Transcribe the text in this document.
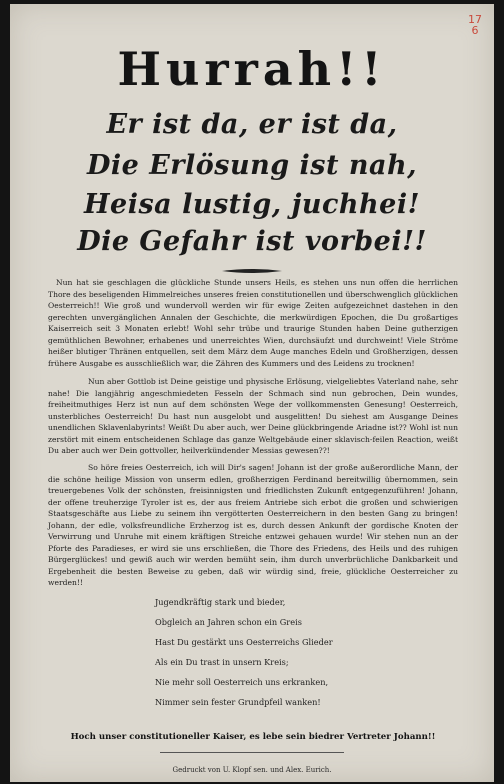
17
6
Hurrah!!
Er ist da, er ist da,
Die Erlösung ist nah,
Heisa lustig, juchhei!
Die Gefahr ist vorbei!!

Nun hat sie geschlagen die glückliche Stunde unsers Heils, es stehen uns nun offen die herrlichen Thore des beseligenden Himmelreiches unseres freien constitutionellen und überschwenglich glücklichen Oesterreich!! Wie groß und wundervoll werden wir für ewige Zeiten aufgezeichnet dastehen in den gerechten unvergänglichen Annalen der Geschichte, die merkwürdigen Epochen, die Du großartiges Kaiserreich seit 3 Monaten erlebt! Wohl sehr trübe und traurige Stunden haben Deine gutherzigen gemüthlichen Bewohner, erhabenes und unerreichtes Wien, durchsäufzt und durchweint! Viele Ströme heißer blutiger Thränen entquellen, seit dem März dem Auge manches Edeln und Großherzigen, dessen frühere Ausgabe es ausschließlich war, die Zähren des Kummers und des Leidens zu trocknen!

Nun aber Gottlob ist Deine geistige und physische Erlösung, vielgeliebtes Vaterland nahe, sehr nahe! Die langjährig angeschmiedeten Fesseln der Schmach sind nun gebrochen, Dein wundes, freiheitmuthiges Herz ist nun auf dem schönsten Wege der vollkommensten Genesung! Oesterreich, unsterbliches Oesterreich! Du hast nun ausgelobt und ausgelitten! Du siehest am Ausgange Deines unendlichen Sklavenlabyrints! Weißt Du aber auch, wer Deine glückbringende Ariadne ist?? Wohl ist nun zerstört mit einem entscheidenen Schlage das ganze Weltgebäude einer sklavisch-feilen Reaction, weißt Du aber auch wer Dein gottvoller, heilverkündender Messias gewesen??!

So höre freies Oesterreich, ich will Dir's sagen! Johann ist der große außerordliche Mann, der die schöne heilige Mission von unserm edlen, großherzigen Ferdinand bereitwillig übernommen, sein treuergebenes Volk der schönsten, freisinnigsten und friedlichsten Zukunft entgegenzuführen! Johann, der offene treuherzige Tyroler ist es, der aus freiem Antriebe sich erbot die großen und schwierigen Staatsgeschäfte aus Liebe zu seinem ihn vergötterten Oesterreichern in den besten Gang zu bringen! Johann, der edle, volksfreundliche Erzherzog ist es, durch dessen Ankunft der gordische Knoten der Verwirrung und Unruhe mit einem kräftigen Streiche entzwei gehauen wurde! Wir stehen nun an der Pforte des Paradieses, er wird sie uns erschließen, die Thore des Friedens, des Heils und des ruhigen Bürgerglückes! und gewiß auch wir werden bemüht sein, ihm durch unverbrüchliche Dankbarkeit und Ergebenheit die besten Beweise zu geben, daß wir würdig sind, freie, glückliche Oesterreicher zu werden!!

Jugendkräftig stark und bieder,
Obgleich an Jahren schon ein Greis
Hast Du gestärkt uns Oesterreichs Glieder
Als ein Du trast in unsern Kreis;
Nie mehr soll Oesterreich uns erkranken,
Nimmer sein fester Grundpfeil wanken!
Hoch unser constitutioneller Kaiser, es lebe sein biedrer Vertreter Johann!!
Gedruckt von U. Klopf sen. und Alex. Eurich.
